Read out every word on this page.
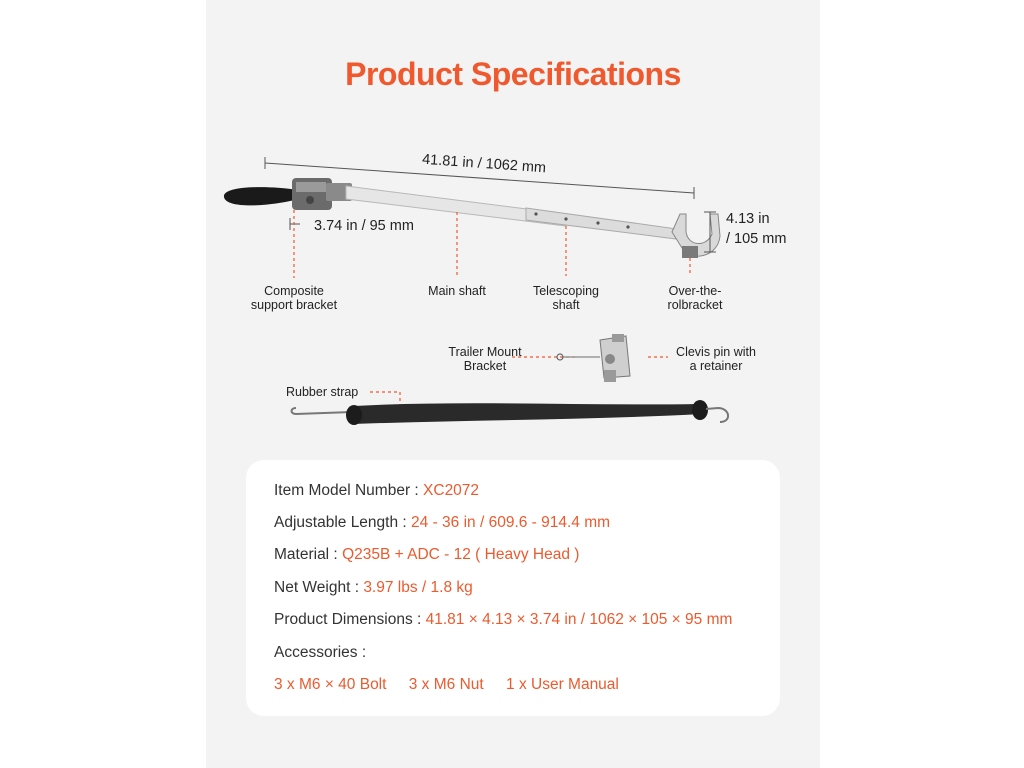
Product Specifications
41.81 in / 1062 mm
4.13 in
/ 105 mm
3.74 in / 95 mm
Composite
support bracket
Main shaft	Telescoping
shaft
Over-the-
rolbracket
Trailer Mount
Bracket
Clevis pin with
a retainer
Rubber strap
Item Model Number : XC2072
Adjustable Length : 24 - 36 in / 609.6 - 914.4 mm
Material : Q235B + ADC - 12 ( Heavy Head )
Net Weight : 3.97 lbs / 1.8 kg
Product Dimensions : 41.81 × 4.13 × 3.74 in / 1062 × 105 × 95 mm
Accessories :
3 x M6 × 40 Bolt 3 x M6 Nut 1 x User Manual
